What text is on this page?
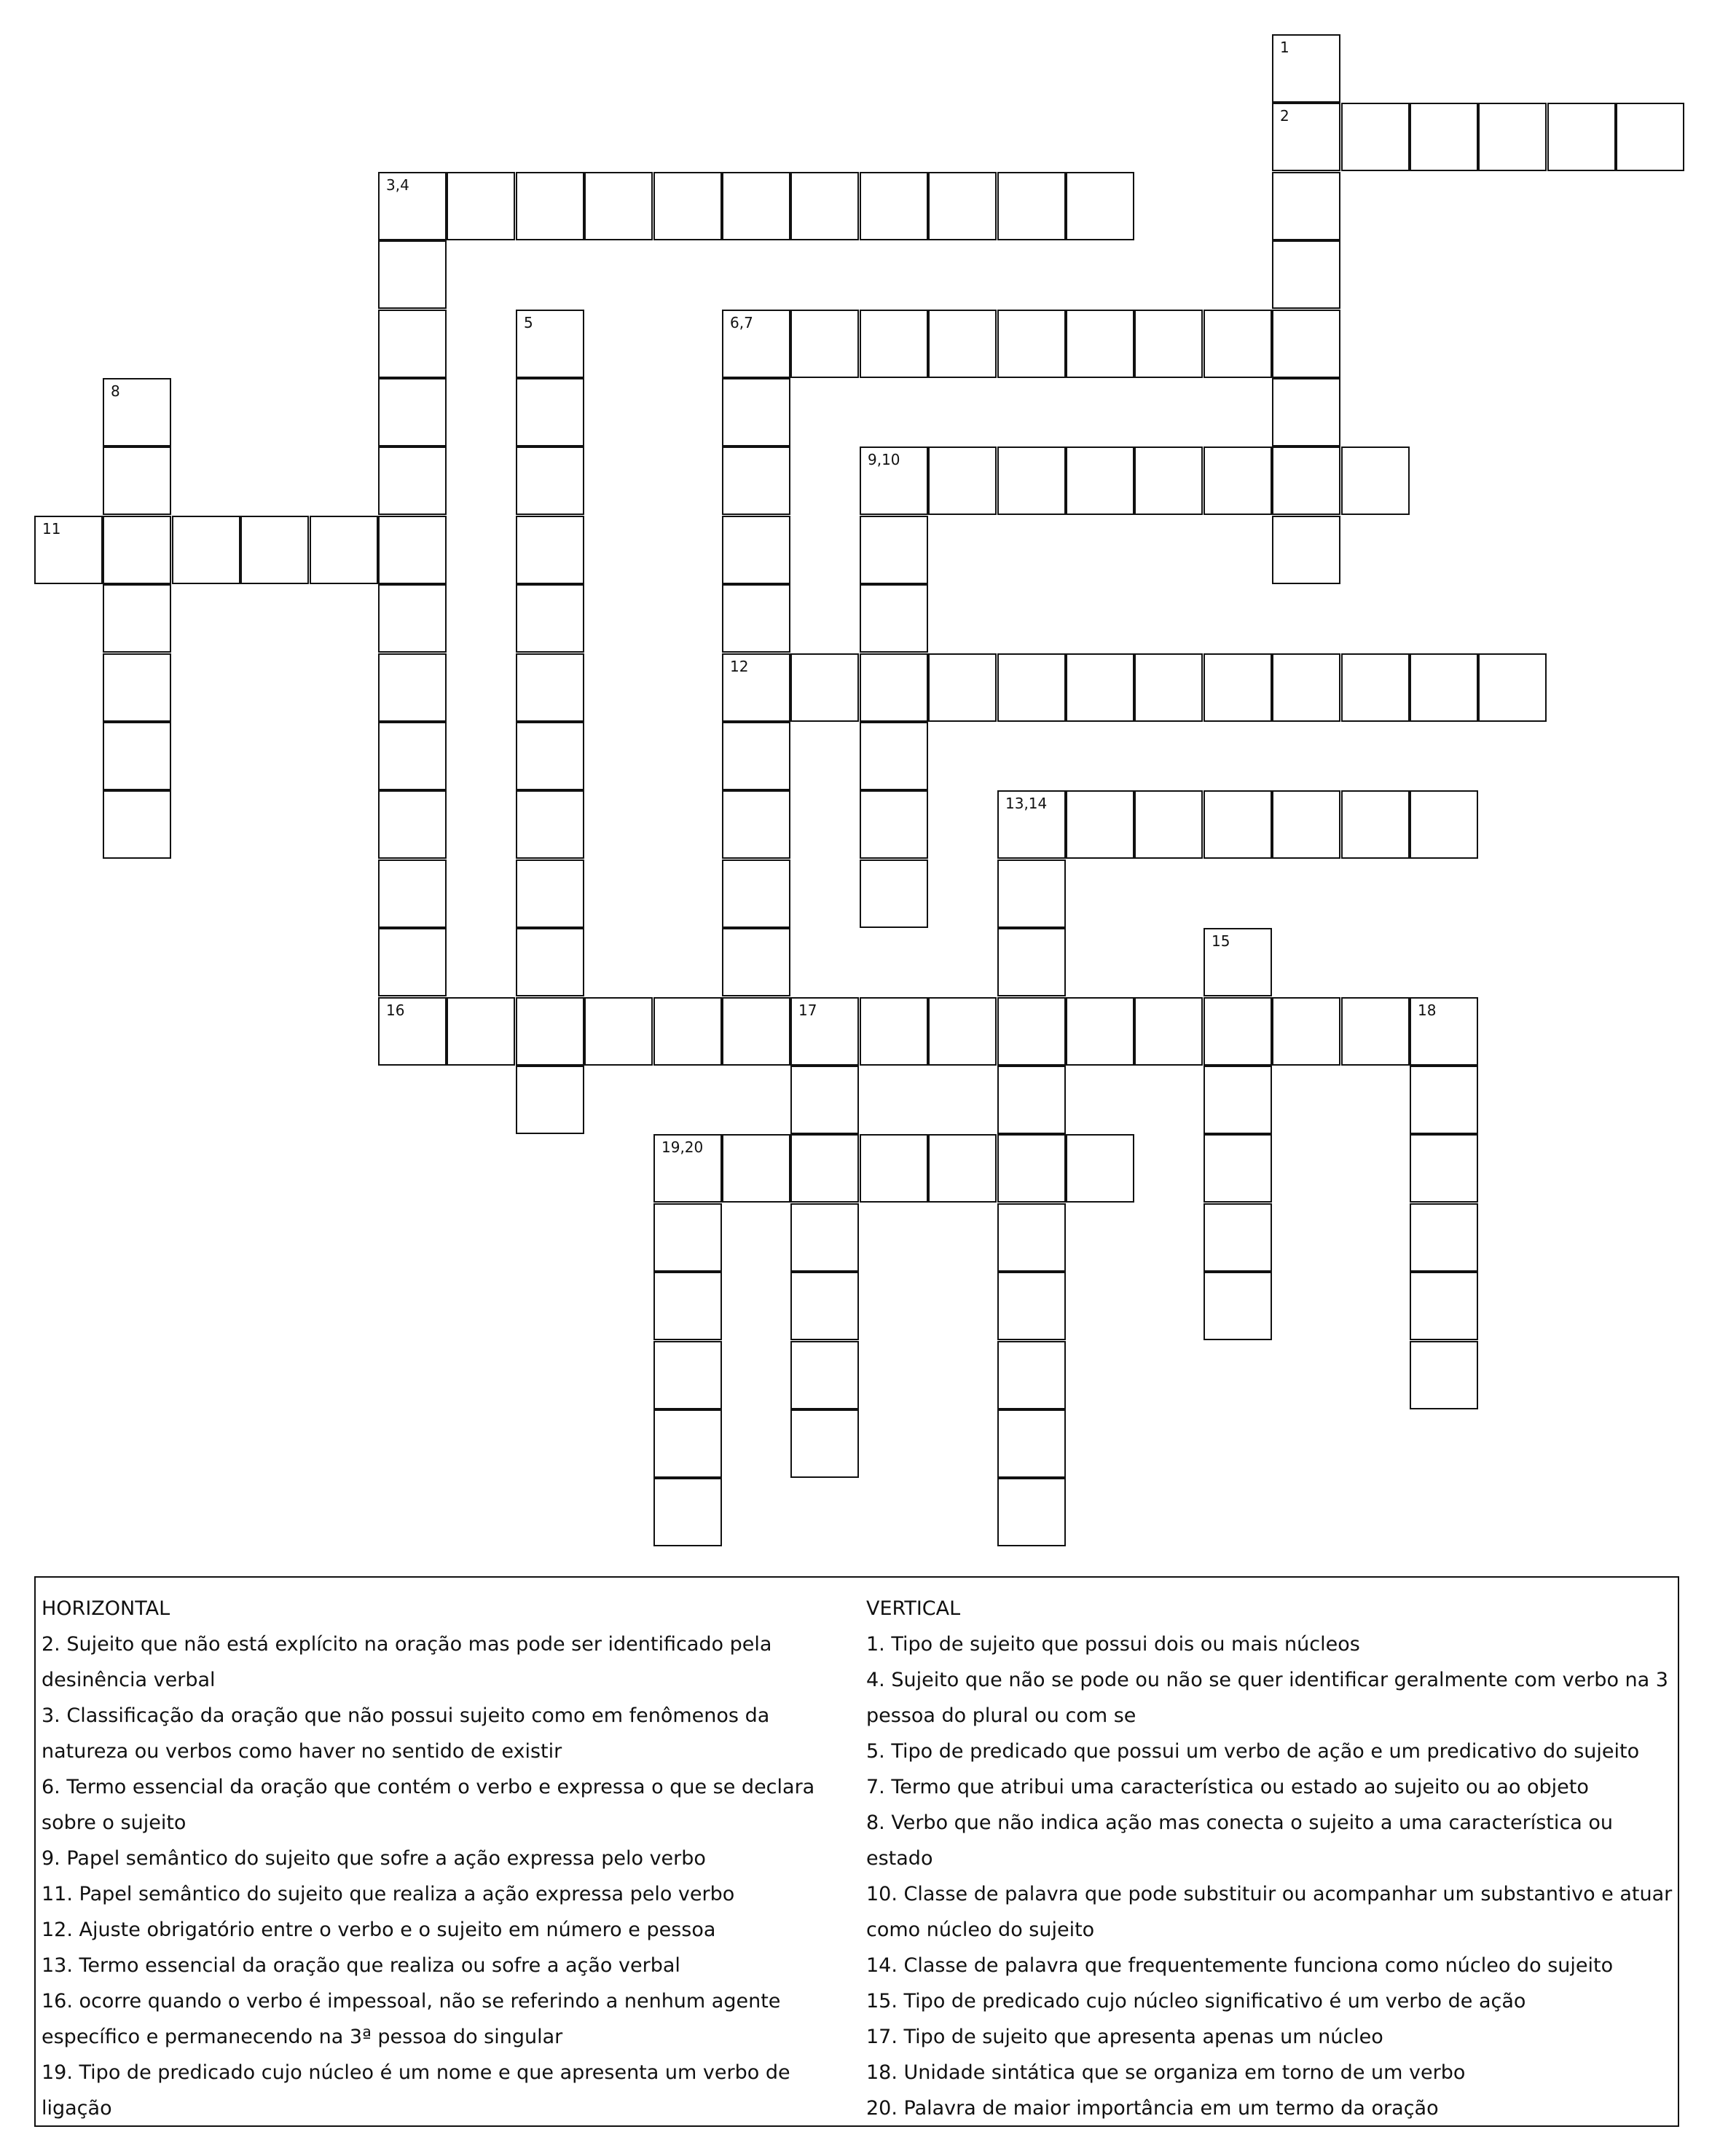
1
2
3,4
5	6,7
12
8
9,10
11
13,14
15
16	17	18
19,20
HORIZONTAL
2. Sujeito que não está explícito na oração mas pode ser identificado pela desinência verbal
3. Classificação da oração que não possui sujeito como em fenômenos da natureza ou verbos como haver no sentido de existir
6. Termo essencial da oração que contém o verbo e expressa o que se declara sobre o sujeito
9. Papel semântico do sujeito que sofre a ação expressa pelo verbo
11. Papel semântico do sujeito que realiza a ação expressa pelo verbo
12. Ajuste obrigatório entre o verbo e o sujeito em número e pessoa
13. Termo essencial da oração que realiza ou sofre a ação verbal
16. ocorre quando o verbo é impessoal, não se referindo a nenhum agente específico e permanecendo na 3ª pessoa do singular
19. Tipo de predicado cujo núcleo é um nome e que apresenta um verbo de ligação
VERTICAL
1. Tipo de sujeito que possui dois ou mais núcleos
4. Sujeito que não se pode ou não se quer identificar geralmente com verbo na 3 pessoa do plural ou com se
5. Tipo de predicado que possui um verbo de ação e um predicativo do sujeito
7. Termo que atribui uma característica ou estado ao sujeito ou ao objeto
8. Verbo que não indica ação mas conecta o sujeito a uma característica ou estado
10. Classe de palavra que pode substituir ou acompanhar um substantivo e atuar como núcleo do sujeito
14. Classe de palavra que frequentemente funciona como núcleo do sujeito
15. Tipo de predicado cujo núcleo significativo é um verbo de ação
17. Tipo de sujeito que apresenta apenas um núcleo
18. Unidade sintática que se organiza em torno de um verbo
20. Palavra de maior importância em um termo da oração
